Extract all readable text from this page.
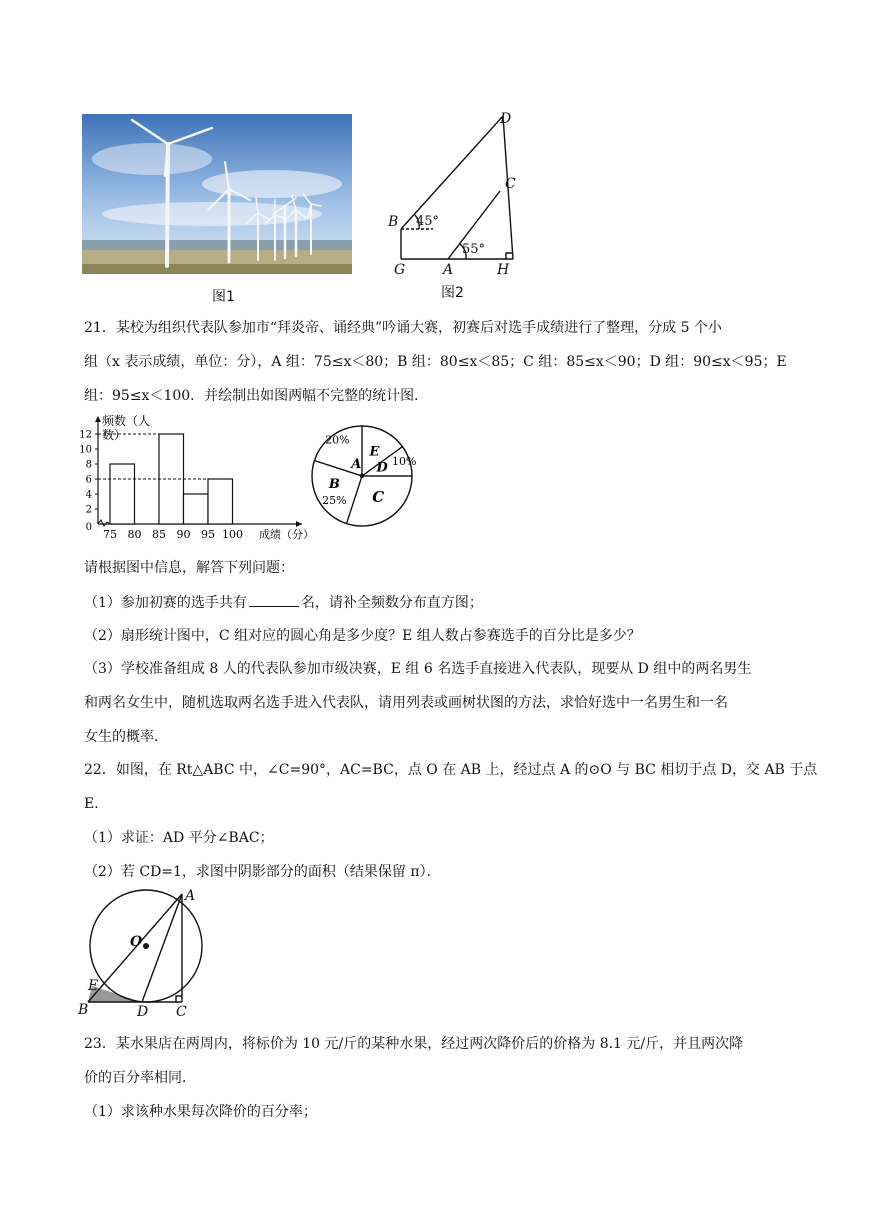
图1
D
C
B 45°
55°
G	A	H
图2
21．某校为组织代表队参加市“拜炎帝、诵经典”吟诵大赛，初赛后对选手成绩进行了整理，分成 5 个小
组（x 表示成绩，单位：分），A 组：75≤x＜80；B 组：80≤x＜85；C 组：85≤x＜90；D 组：90≤x＜95；E
组：95≤x＜100．并绘制出如图两幅不完整的统计图．
0
2
4
6
8
10
12
75 80 85 90 95 100 成绩（分）
频数（人
数）
D 10%
E
A
20%
B
25% C
请根据图中信息，解答下列问题：
（1）参加初赛的选手共有	名，请补全频数分布直方图；
（2）扇形统计图中，C 组对应的圆心角是多少度？E 组人数占参赛选手的百分比是多少？
（3）学校准备组成 8 人的代表队参加市级决赛，E 组 6 名选手直接进入代表队，现要从 D 组中的两名男生
和两名女生中，随机选取两名选手进入代表队，请用列表或画树状图的方法，求恰好选中一名男生和一名
女生的概率．
22．如图，在 Rt△ABC 中，∠C=90°，AC=BC，点 O 在 AB 上，经过点 A 的⊙O 与 BC 相切于点 D，交 AB 于点
E．
（1）求证：AD 平分∠BAC；
（2）若 CD=1，求图中阴影部分的面积（结果保留 π）．
A
O
E
B	D C
23．某水果店在两周内，将标价为 10 元/斤的某种水果，经过两次降价后的价格为 8.1 元/斤，并且两次降
价的百分率相同．
（1）求该种水果每次降价的百分率；
